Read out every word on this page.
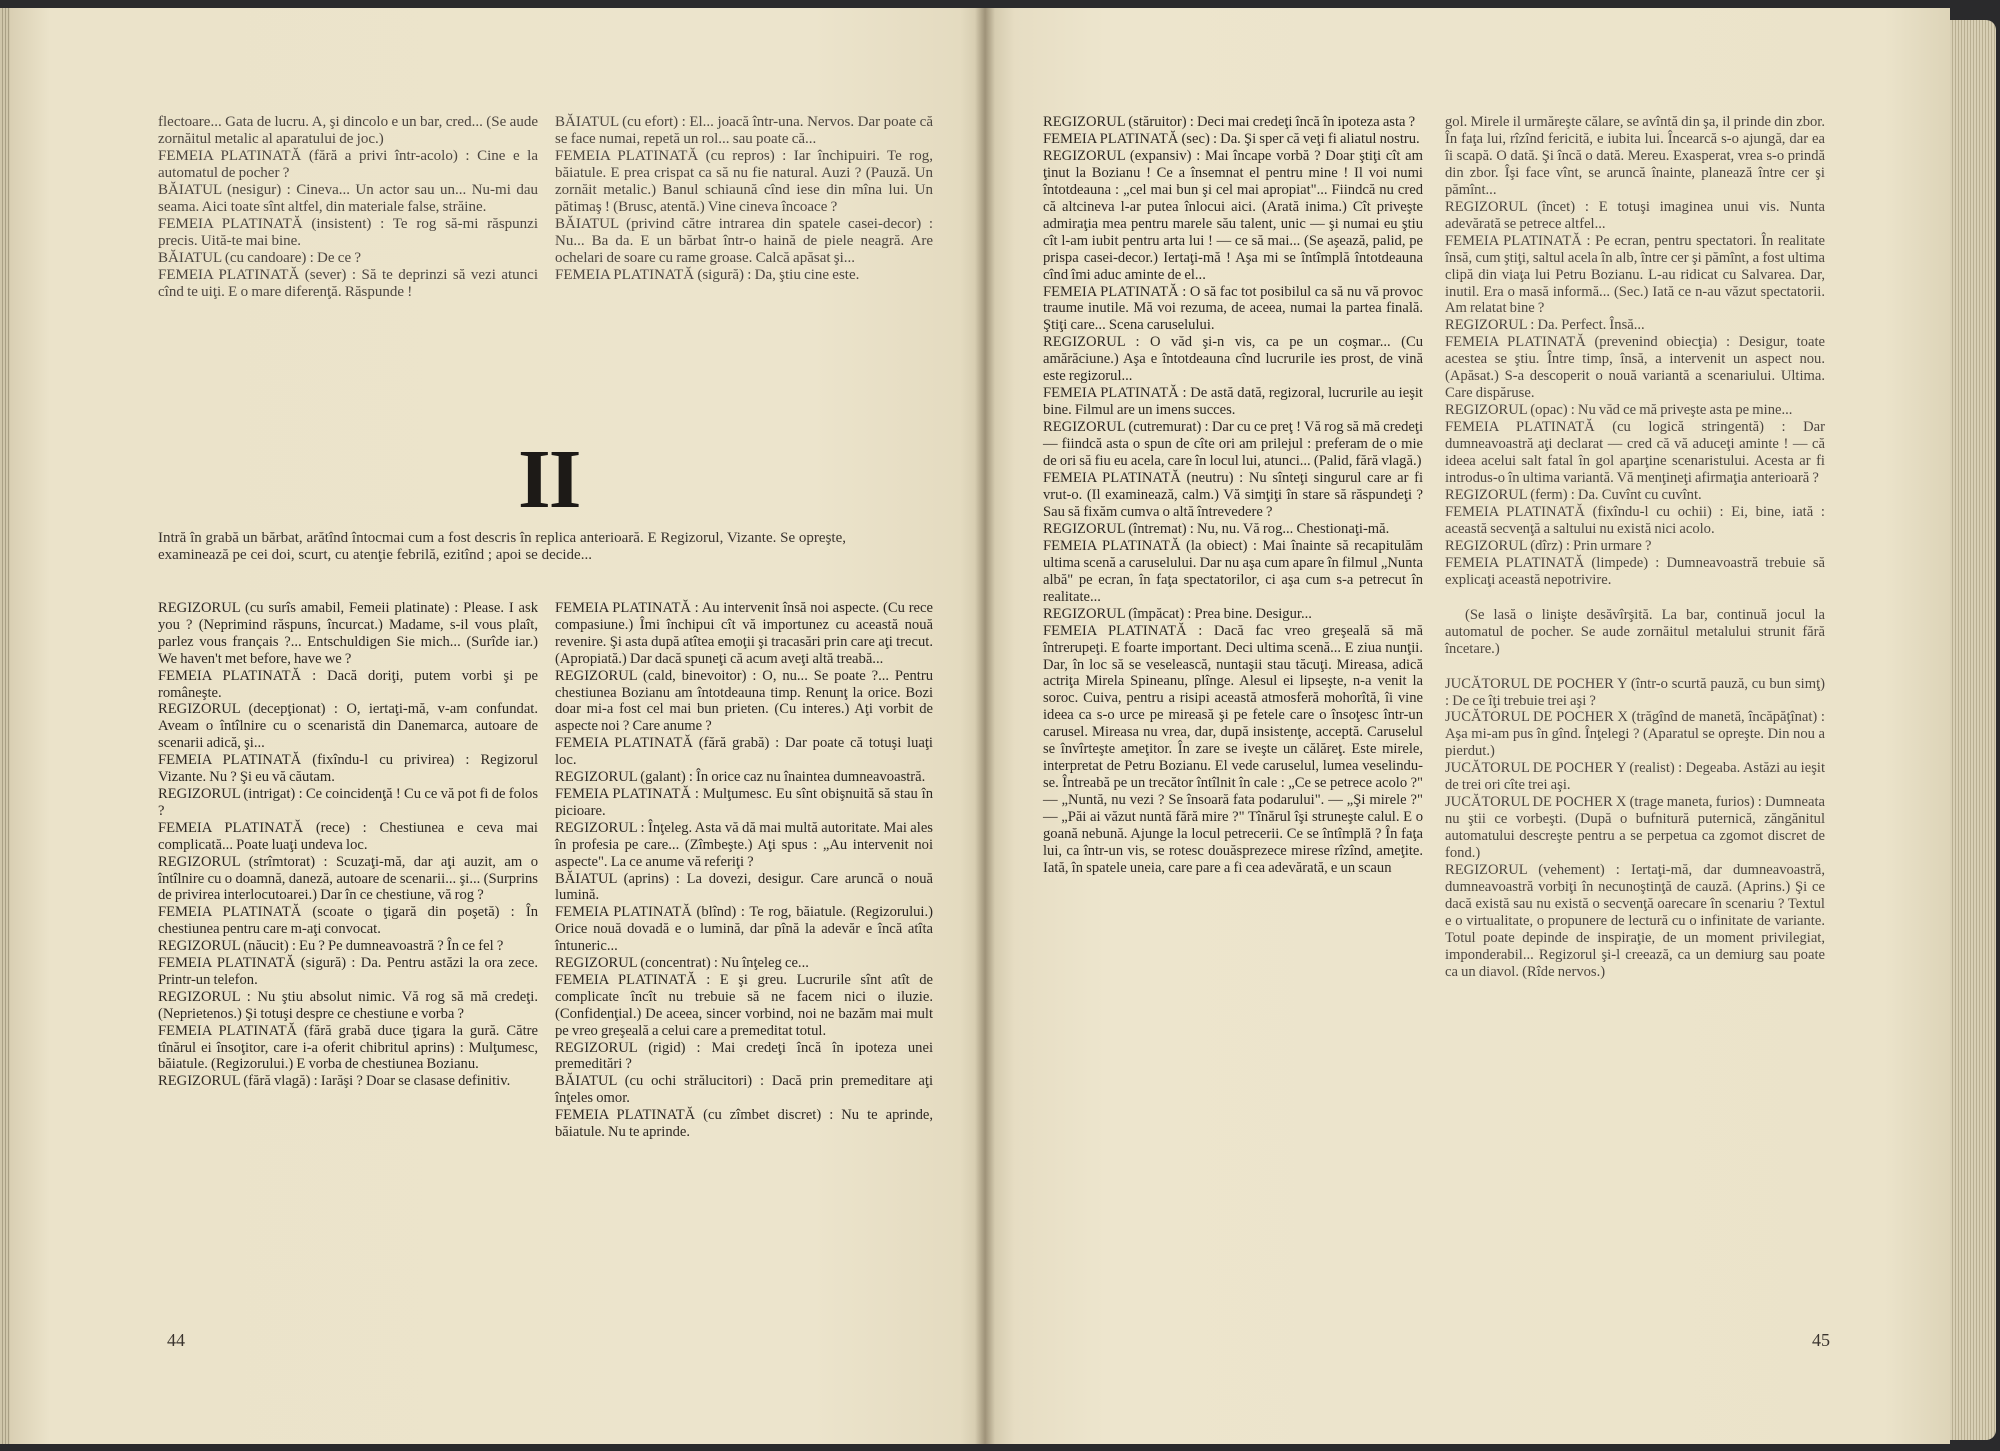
flectoare... Gata de lucru. A, şi dincolo e un bar, cred... (Se aude zornăitul metalic al aparatului de joc.)
FEMEIA PLATINATĂ (fără a privi într-acolo) : Cine e la automatul de pocher ?
BĂIATUL (nesigur) : Cineva... Un actor sau un... Nu-mi dau seama. Aici toate sînt altfel, din materiale false, străine.
FEMEIA PLATINATĂ (insistent) : Te rog să-mi răspunzi precis. Uită-te mai bine.
BĂIATUL (cu candoare) : De ce ?
FEMEIA PLATINATĂ (sever) : Să te deprinzi să vezi atunci cînd te uiţi. E o mare diferenţă. Răspunde !
BĂIATUL (cu efort) : El... joacă într-una. Nervos. Dar poate că se face numai, repetă un rol... sau poate că...
FEMEIA PLATINATĂ (cu repros) : Iar închipuiri. Te rog, băiatule. E prea crispat ca să nu fie natural. Auzi ? (Pauză. Un zornăit metalic.) Banul schiaună cînd iese din mîna lui. Un pătimaş ! (Brusc, atentă.) Vine cineva încoace ?
BĂIATUL (privind către intrarea din spatele casei-decor) : Nu... Ba da. E un bărbat într-o haină de piele neagră. Are ochelari de soare cu rame groase. Calcă apăsat şi...
FEMEIA PLATINATĂ (sigură) : Da, ştiu cine este.
II
Intră în grabă un bărbat, arătînd întocmai cum a fost descris în replica anterioară. E Regizorul, Vizante. Se opreşte, examinează pe cei doi, scurt, cu atenţie febrilă, ezitînd ; apoi se decide...
REGIZORUL (cu surîs amabil, Femeii platinate) : Please. I ask you ? (Neprimind răspuns, încurcat.) Madame, s-il vous plaît, parlez vous français ?... Entschuldigen Sie mich... (Surîde iar.) We haven't met before, have we ?
FEMEIA PLATINATĂ : Dacă doriţi, putem vorbi şi pe româneşte.
REGIZORUL (decepţionat) : O, iertaţi-mă, v-am confundat. Aveam o întîlnire cu o scenaristă din Danemarca, autoare de scenarii adică, şi...
FEMEIA PLATINATĂ (fixîndu-l cu privirea) : Regizorul Vizante. Nu ? Şi eu vă căutam.
REGIZORUL (intrigat) : Ce coincidenţă ! Cu ce vă pot fi de folos ?
FEMEIA PLATINATĂ (rece) : Chestiunea e ceva mai complicată... Poate luaţi undeva loc.
REGIZORUL (strîmtorat) : Scuzaţi-mă, dar aţi auzit, am o întîlnire cu o doamnă, daneză, autoare de scenarii... şi... (Surprins de privirea interlocutoarei.) Dar în ce chestiune, vă rog ?
FEMEIA PLATINATĂ (scoate o ţigară din poşetă) : În chestiunea pentru care m-aţi convocat.
REGIZORUL (năucit) : Eu ? Pe dumneavoastră ? În ce fel ?
FEMEIA PLATINATĂ (sigură) : Da. Pentru astăzi la ora zece. Printr-un telefon.
REGIZORUL : Nu ştiu absolut nimic. Vă rog să mă credeţi. (Neprietenos.) Şi totuşi despre ce chestiune e vorba ?
FEMEIA PLATINATĂ (fără grabă duce ţigara la gură. Către tînărul ei însoţitor, care i-a oferit chibritul aprins) : Mulţumesc, băiatule. (Regizorului.) E vorba de chestiunea Bozianu.
REGIZORUL (fără vlagă) : Iarăşi ? Doar se clasase definitiv.
FEMEIA PLATINATĂ : Au intervenit însă noi aspecte. (Cu rece compasiune.) Îmi închipui cît vă importunez cu această nouă revenire. Şi asta după atîtea emoţii şi tracasări prin care aţi trecut. (Apropiată.) Dar dacă spuneţi că acum aveţi altă treabă...
REGIZORUL (cald, binevoitor) : O, nu... Se poate ?... Pentru chestiunea Bozianu am întotdeauna timp. Renunţ la orice. Bozi doar mi-a fost cel mai bun prieten. (Cu interes.) Aţi vorbit de aspecte noi ? Care anume ?
FEMEIA PLATINATĂ (fără grabă) : Dar poate că totuşi luaţi loc.
REGIZORUL (galant) : În orice caz nu înaintea dumneavoastră.
FEMEIA PLATINATĂ : Mulţumesc. Eu sînt obişnuită să stau în picioare.
REGIZORUL : Înţeleg. Asta vă dă mai multă autoritate. Mai ales în profesia pe care... (Zîmbeşte.) Aţi spus : „Au intervenit noi aspecte". La ce anume vă referiţi ?
BĂIATUL (aprins) : La dovezi, desigur. Care aruncă o nouă lumină.
FEMEIA PLATINATĂ (blînd) : Te rog, băiatule. (Regizorului.) Orice nouă dovadă e o lumină, dar pînă la adevăr e încă atîta întuneric...
REGIZORUL (concentrat) : Nu înţeleg ce...
FEMEIA PLATINATĂ : E şi greu. Lucrurile sînt atît de complicate încît nu trebuie să ne facem nici o iluzie. (Confidenţial.) De aceea, sincer vorbind, noi ne bazăm mai mult pe vreo greşeală a celui care a premeditat totul.
REGIZORUL (rigid) : Mai credeţi încă în ipoteza unei premeditări ?
BĂIATUL (cu ochi strălucitori) : Dacă prin premeditare aţi înţeles omor.
FEMEIA PLATINATĂ (cu zîmbet discret) : Nu te aprinde, băiatule. Nu te aprinde.
44
REGIZORUL (stăruitor) : Deci mai credeţi încă în ipoteza asta ?
FEMEIA PLATINATĂ (sec) : Da. Şi sper că veţi fi aliatul nostru.
REGIZORUL (expansiv) : Mai încape vorbă ? Doar ştiţi cît am ţinut la Bozianu ! Ce a însemnat el pentru mine ! Il voi numi întotdeauna : „cel mai bun şi cel mai apropiat"... Fiindcă nu cred că altcineva l-ar putea înlocui aici. (Arată inima.) Cît priveşte admiraţia mea pentru marele său talent, unic — şi numai eu ştiu cît l-am iubit pentru arta lui ! — ce să mai... (Se aşează, palid, pe prispa casei-decor.) Iertaţi-mă ! Aşa mi se întîmplă întotdeauna cînd îmi aduc aminte de el...
FEMEIA PLATINATĂ : O să fac tot posibilul ca să nu vă provoc traume inutile. Mă voi rezuma, de aceea, numai la partea finală. Ştiţi care... Scena caruselului.
REGIZORUL : O văd şi-n vis, ca pe un coşmar... (Cu amărăciune.) Aşa e întotdeauna cînd lucrurile ies prost, de vină este regizorul...
FEMEIA PLATINATĂ : De astă dată, regizoral, lucrurile au ieşit bine. Filmul are un imens succes.
REGIZORUL (cutremurat) : Dar cu ce preţ ! Vă rog să mă credeţi — fiindcă asta o spun de cîte ori am prilejul : preferam de o mie de ori să fiu eu acela, care în locul lui, atunci... (Palid, fără vlagă.)
FEMEIA PLATINATĂ (neutru) : Nu sînteţi singurul care ar fi vrut-o. (Il examinează, calm.) Vă simţiţi în stare să răspundeţi ? Sau să fixăm cumva o altă întrevedere ?
REGIZORUL (întremat) : Nu, nu. Vă rog... Chestionaţi-mă.
FEMEIA PLATINATĂ (la obiect) : Mai înainte să recapitulăm ultima scenă a caruselului. Dar nu aşa cum apare în filmul „Nunta albă" pe ecran, în faţa spectatorilor, ci aşa cum s-a petrecut în realitate...
REGIZORUL (împăcat) : Prea bine. Desigur...
FEMEIA PLATINATĂ : Dacă fac vreo greşeală să mă întrerupeţi. E foarte important. Deci ultima scenă... E ziua nunţii. Dar, în loc să se veselească, nuntaşii stau tăcuţi. Mireasa, adică actriţa Mirela Spineanu, plînge. Alesul ei lipseşte, n-a venit la soroc. Cuiva, pentru a risipi această atmosferă mohorîtă, îi vine ideea ca s-o urce pe mireasă şi pe fetele care o însoţesc într-un carusel. Mireasa nu vrea, dar, după insistenţe, acceptă. Caruselul se învîrteşte ameţitor. În zare se iveşte un călăreţ. Este mirele, interpretat de Petru Bozianu. El vede caruselul, lumea veselindu-se. Întreabă pe un trecător întîlnit în cale : „Ce se petrece acolo ?" — „Nuntă, nu vezi ? Se însoară fata podarului". — „Şi mirele ?" — „Păi ai văzut nuntă fără mire ?" Tînărul îşi struneşte calul. E o goană nebună. Ajunge la locul petrecerii. Ce se întîmplă ? În faţa lui, ca într-un vis, se rotesc douăsprezece mirese rîzînd, ameţite. Iată, în spatele uneia, care pare a fi cea adevărată, e un scaun
gol. Mirele il urmăreşte călare, se avîntă din şa, il prinde din zbor. În faţa lui, rîzînd fericită, e iubita lui. Încearcă s-o ajungă, dar ea îi scapă. O dată. Şi încă o dată. Mereu. Exasperat, vrea s-o prindă din zbor. Îşi face vînt, se aruncă înainte, planează între cer şi pămînt...
REGIZORUL (încet) : E totuşi imaginea unui vis. Nunta adevărată se petrece altfel...
FEMEIA PLATINATĂ : Pe ecran, pentru spectatori. În realitate însă, cum ştiţi, saltul acela în alb, între cer şi pămînt, a fost ultima clipă din viaţa lui Petru Bozianu. L-au ridicat cu Salvarea. Dar, inutil. Era o masă informă... (Sec.) Iată ce n-au văzut spectatorii. Am relatat bine ?
REGIZORUL : Da. Perfect. Însă...
FEMEIA PLATINATĂ (prevenind obiecţia) : Desigur, toate acestea se ştiu. Între timp, însă, a intervenit un aspect nou. (Apăsat.) S-a descoperit o nouă variantă a scenariului. Ultima. Care dispăruse.
REGIZORUL (opac) : Nu văd ce mă priveşte asta pe mine...
FEMEIA PLATINATĂ (cu logică stringentă) : Dar dumneavoastră aţi declarat — cred că vă aduceţi aminte ! — că ideea acelui salt fatal în gol aparţine scenaristului. Acesta ar fi introdus-o în ultima variantă. Vă menţineţi afirmaţia anterioară ?
REGIZORUL (ferm) : Da. Cuvînt cu cuvînt.
FEMEIA PLATINATĂ (fixîndu-l cu ochii) : Ei, bine, iată : această secvenţă a saltului nu există nici acolo.
REGIZORUL (dîrz) : Prin urmare ?
FEMEIA PLATINATĂ (limpede) : Dumneavoastră trebuie să explicaţi această nepotrivire.
(Se lasă o linişte desăvîrşită. La bar, continuă jocul la automatul de pocher. Se aude zornăitul metalului strunit fără încetare.)
JUCĂTORUL DE POCHER Y (într-o scurtă pauză, cu bun simţ) : De ce îţi trebuie trei aşi ?
JUCĂTORUL DE POCHER X (trăgînd de manetă, încăpăţînat) : Aşa mi-am pus în gînd. Înţelegi ? (Aparatul se opreşte. Din nou a pierdut.)
JUCĂTORUL DE POCHER Y (realist) : Degeaba. Astăzi au ieşit de trei ori cîte trei aşi.
JUCĂTORUL DE POCHER X (trage maneta, furios) : Dumneata nu ştii ce vorbeşti. (După o bufnitură puternică, zăngănitul automatului descreşte pentru a se perpetua ca zgomot discret de fond.)
REGIZORUL (vehement) : Iertaţi-mă, dar dumneavoastră, dumneavoastră vorbiţi în necunoştinţă de cauză. (Aprins.) Şi ce dacă există sau nu există o secvenţă oarecare în scenariu ? Textul e o virtualitate, o propunere de lectură cu o infinitate de variante. Totul poate depinde de inspiraţie, de un moment privilegiat, imponderabil... Regizorul şi-l creează, ca un demiurg sau poate ca un diavol. (Rîde nervos.)
45
